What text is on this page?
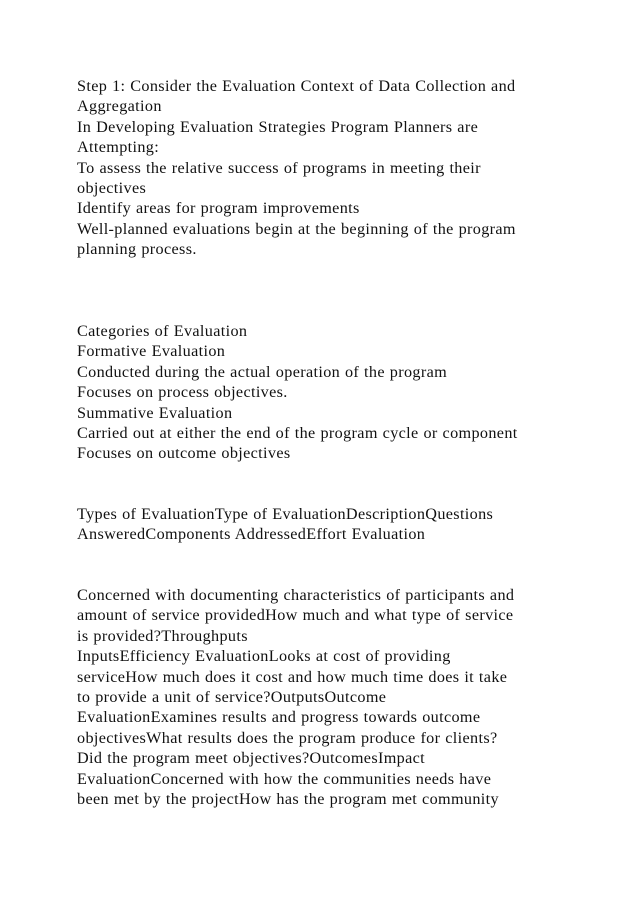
Step 1: Consider the Evaluation Context of Data Collection and
Aggregation
In Developing Evaluation Strategies Program Planners are
Attempting:
To assess the relative success of programs in meeting their
objectives
Identify areas for program improvements
Well-planned evaluations begin at the beginning of the program
planning process.
Categories of Evaluation
Formative Evaluation
Conducted during the actual operation of the program
Focuses on process objectives.
Summative Evaluation
Carried out at either the end of the program cycle or component
Focuses on outcome objectives
Types of EvaluationType of EvaluationDescriptionQuestions
AnsweredComponents AddressedEffort Evaluation
Concerned with documenting characteristics of participants and
amount of service providedHow much and what type of service
is provided?Throughputs
InputsEfficiency EvaluationLooks at cost of providing
serviceHow much does it cost and how much time does it take
to provide a unit of service?OutputsOutcome
EvaluationExamines results and progress towards outcome
objectivesWhat results does the program produce for clients?
Did the program meet objectives?OutcomesImpact
EvaluationConcerned with how the communities needs have
been met by the projectHow has the program met community
